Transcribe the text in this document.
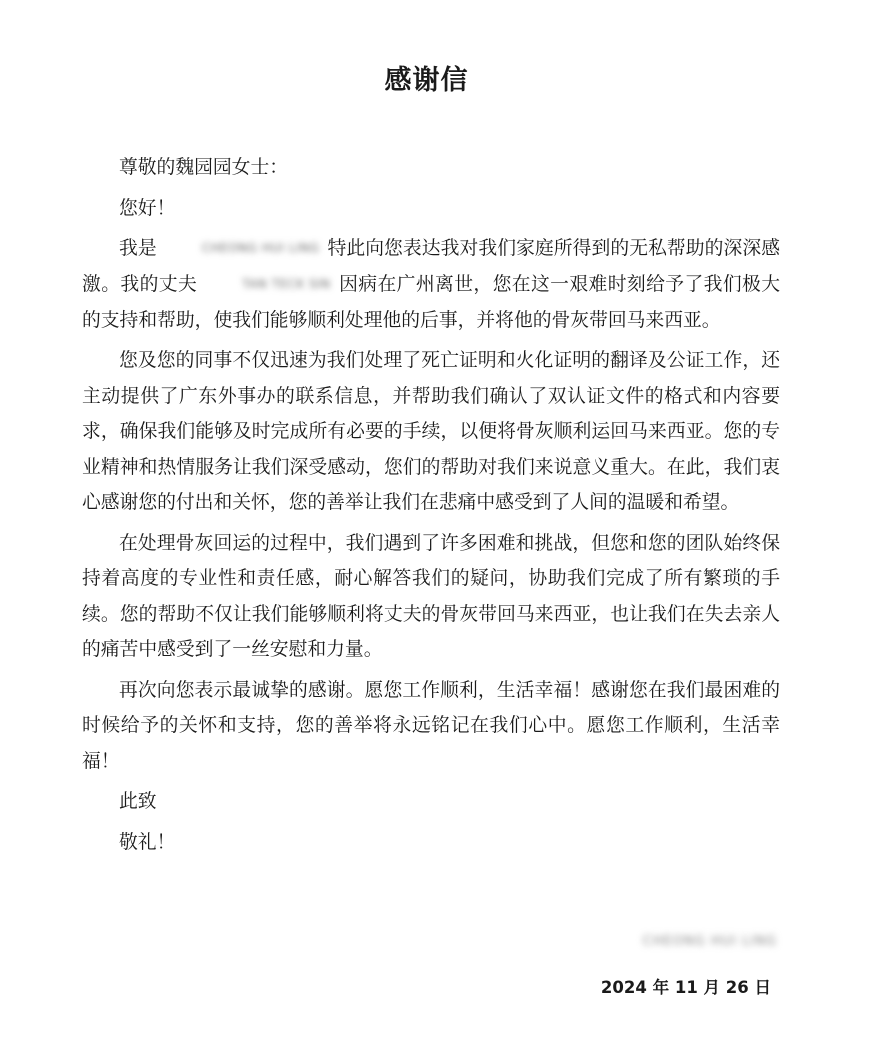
感谢信

尊敬的魏园园女士：

您好！

我是	CHEONG HUI LING 特此向您表达我对我们家庭所得到的无私帮助的深深感激。我的丈夫	TAN TECK SIN 因病在广州离世，您在这一艰难时刻给予了我们极大的支持和帮助，使我们能够顺利处理他的后事，并将他的骨灰带回马来西亚。

您及您的同事不仅迅速为我们处理了死亡证明和火化证明的翻译及公证工作，还主动提供了广东外事办的联系信息，并帮助我们确认了双认证文件的格式和内容要求，确保我们能够及时完成所有必要的手续，以便将骨灰顺利运回马来西亚。您的专业精神和热情服务让我们深受感动，您们的帮助对我们来说意义重大。在此，我们衷心感谢您的付出和关怀，您的善举让我们在悲痛中感受到了人间的温暖和希望。

在处理骨灰回运的过程中，我们遇到了许多困难和挑战，但您和您的团队始终保持着高度的专业性和责任感，耐心解答我们的疑问，协助我们完成了所有繁琐的手续。您的帮助不仅让我们能够顺利将丈夫的骨灰带回马来西亚，也让我们在失去亲人的痛苦中感受到了一丝安慰和力量。

再次向您表示最诚挚的感谢。愿您工作顺利，生活幸福！感谢您在我们最困难的时候给予的关怀和支持，您的善举将永远铭记在我们心中。愿您工作顺利，生活幸福！

此致

敬礼！

CHEONG HUI LING
2024 年 11 月 26 日
